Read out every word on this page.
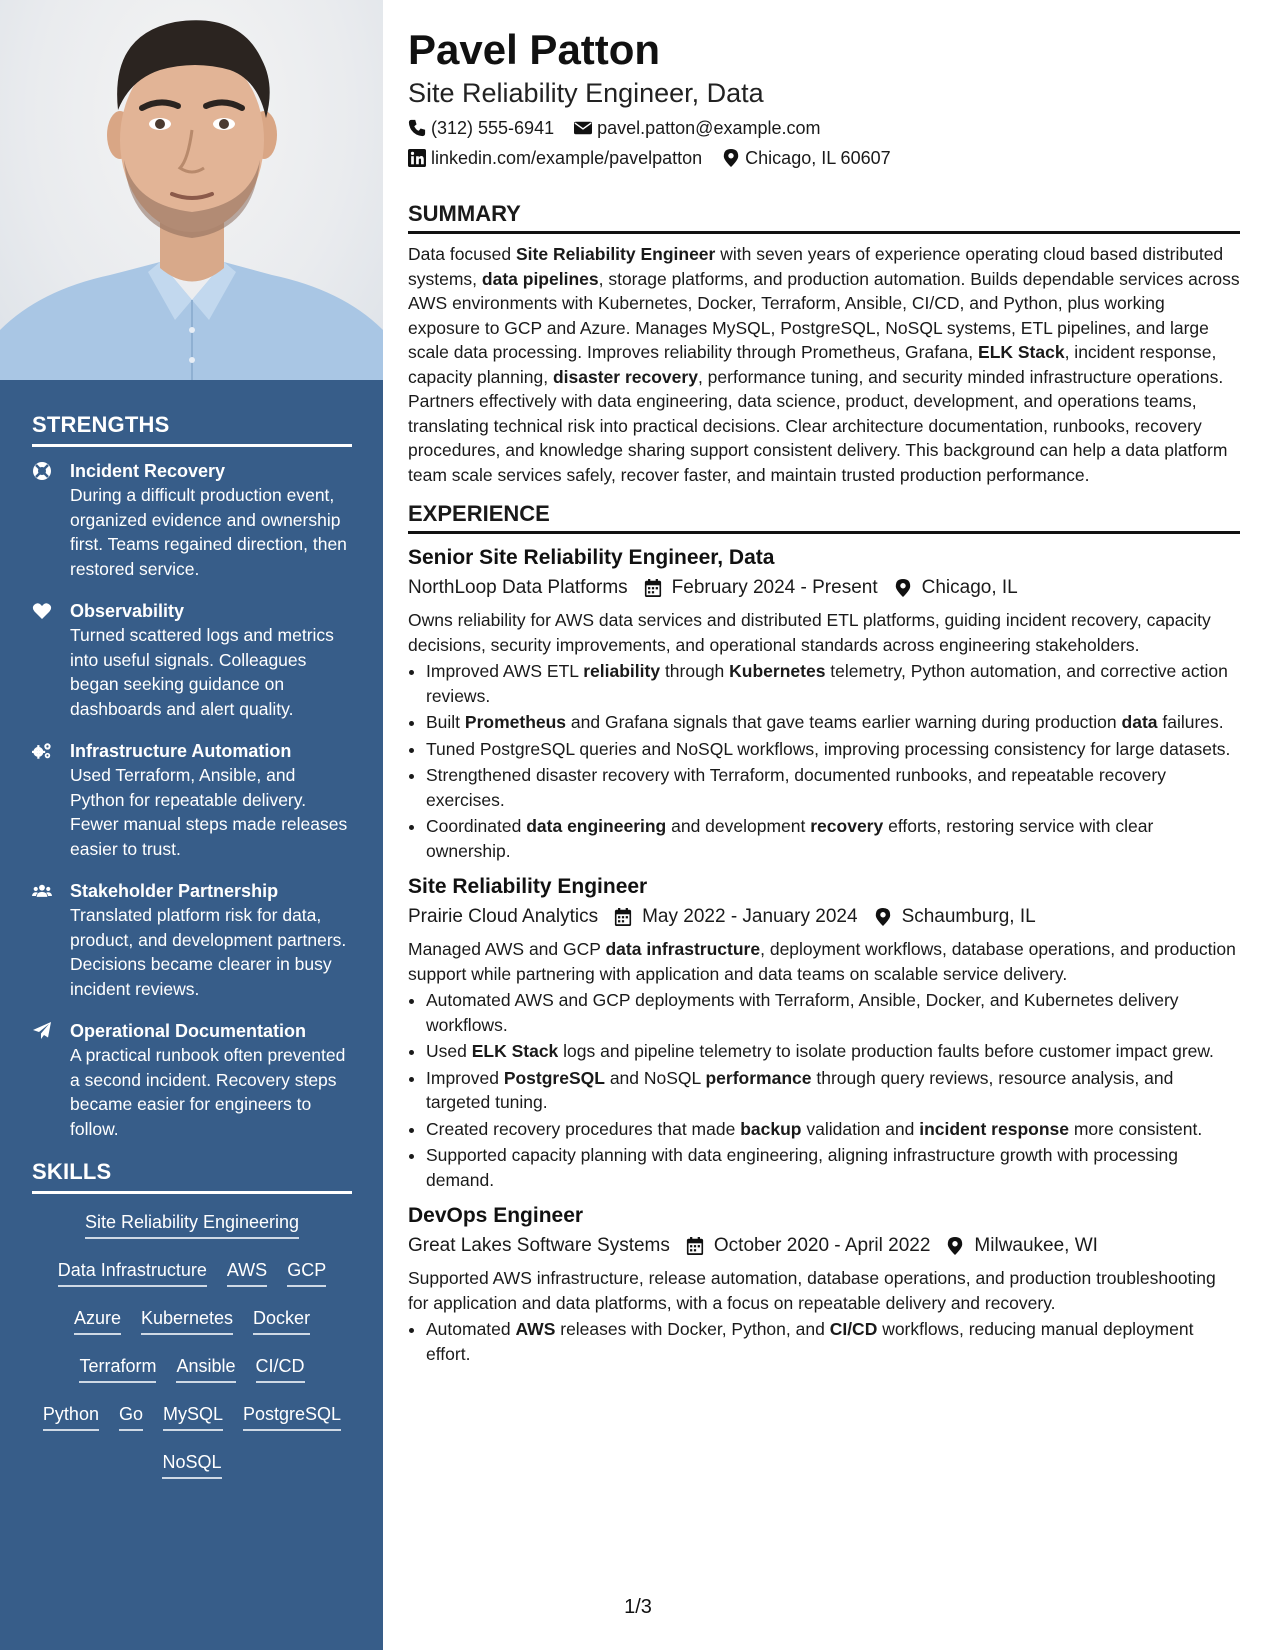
STRENGTHS
Incident Recovery
During a difficult production event, organized evidence and ownership first. Teams regained direction, then restored service.
Observability
Turned scattered logs and metrics into useful signals. Colleagues began seeking guidance on dashboards and alert quality.
Infrastructure Automation
Used Terraform, Ansible, and Python for repeatable delivery. Fewer manual steps made releases easier to trust.
Stakeholder Partnership
Translated platform risk for data, product, and development partners. Decisions became clearer in busy incident reviews.
Operational Documentation
A practical runbook often prevented a second incident. Recovery steps became easier for engineers to follow.
SKILLS
Site Reliability Engineering
Data Infrastructure AWS GCP
Azure Kubernetes Docker
Terraform Ansible CI/CD
Python Go MySQL PostgreSQL
NoSQL
Pavel Patton
Site Reliability Engineer, Data
(312) 555-6941 pavel.patton@example.com
linkedin.com/example/pavelpatton Chicago, IL 60607
SUMMARY
Data focused Site Reliability Engineer with seven years of experience operating cloud based distributed systems, data pipelines, storage platforms, and production automation. Builds dependable services across AWS environments with Kubernetes, Docker, Terraform, Ansible, CI/CD, and Python, plus working exposure to GCP and Azure. Manages MySQL, PostgreSQL, NoSQL systems, ETL pipelines, and large scale data processing. Improves reliability through Prometheus, Grafana, ELK Stack, incident response, capacity planning, disaster recovery, performance tuning, and security minded infrastructure operations. Partners effectively with data engineering, data science, product, development, and operations teams, translating technical risk into practical decisions. Clear architecture documentation, runbooks, recovery procedures, and knowledge sharing support consistent delivery. This background can help a data platform team scale services safely, recover faster, and maintain trusted production performance.
EXPERIENCE
Senior Site Reliability Engineer, Data
NorthLoop Data Platforms February 2024 - Present Chicago, IL
Owns reliability for AWS data services and distributed ETL platforms, guiding incident recovery, capacity decisions, security improvements, and operational standards across engineering stakeholders.
• Improved AWS ETL reliability through Kubernetes telemetry, Python automation, and corrective action reviews.
• Built Prometheus and Grafana signals that gave teams earlier warning during production data failures.
• Tuned PostgreSQL queries and NoSQL workflows, improving processing consistency for large datasets.
• Strengthened disaster recovery with Terraform, documented runbooks, and repeatable recovery exercises.
• Coordinated data engineering and development recovery efforts, restoring service with clear ownership.
Site Reliability Engineer
Prairie Cloud Analytics May 2022 - January 2024 Schaumburg, IL
Managed AWS and GCP data infrastructure, deployment workflows, database operations, and production support while partnering with application and data teams on scalable service delivery.
• Automated AWS and GCP deployments with Terraform, Ansible, Docker, and Kubernetes delivery workflows.
• Used ELK Stack logs and pipeline telemetry to isolate production faults before customer impact grew.
• Improved PostgreSQL and NoSQL performance through query reviews, resource analysis, and targeted tuning.
• Created recovery procedures that made backup validation and incident response more consistent.
• Supported capacity planning with data engineering, aligning infrastructure growth with processing demand.
DevOps Engineer
Great Lakes Software Systems October 2020 - April 2022 Milwaukee, WI
Supported AWS infrastructure, release automation, database operations, and production troubleshooting for application and data platforms, with a focus on repeatable delivery and recovery.
• Automated AWS releases with Docker, Python, and CI/CD workflows, reducing manual deployment effort.
1/3
